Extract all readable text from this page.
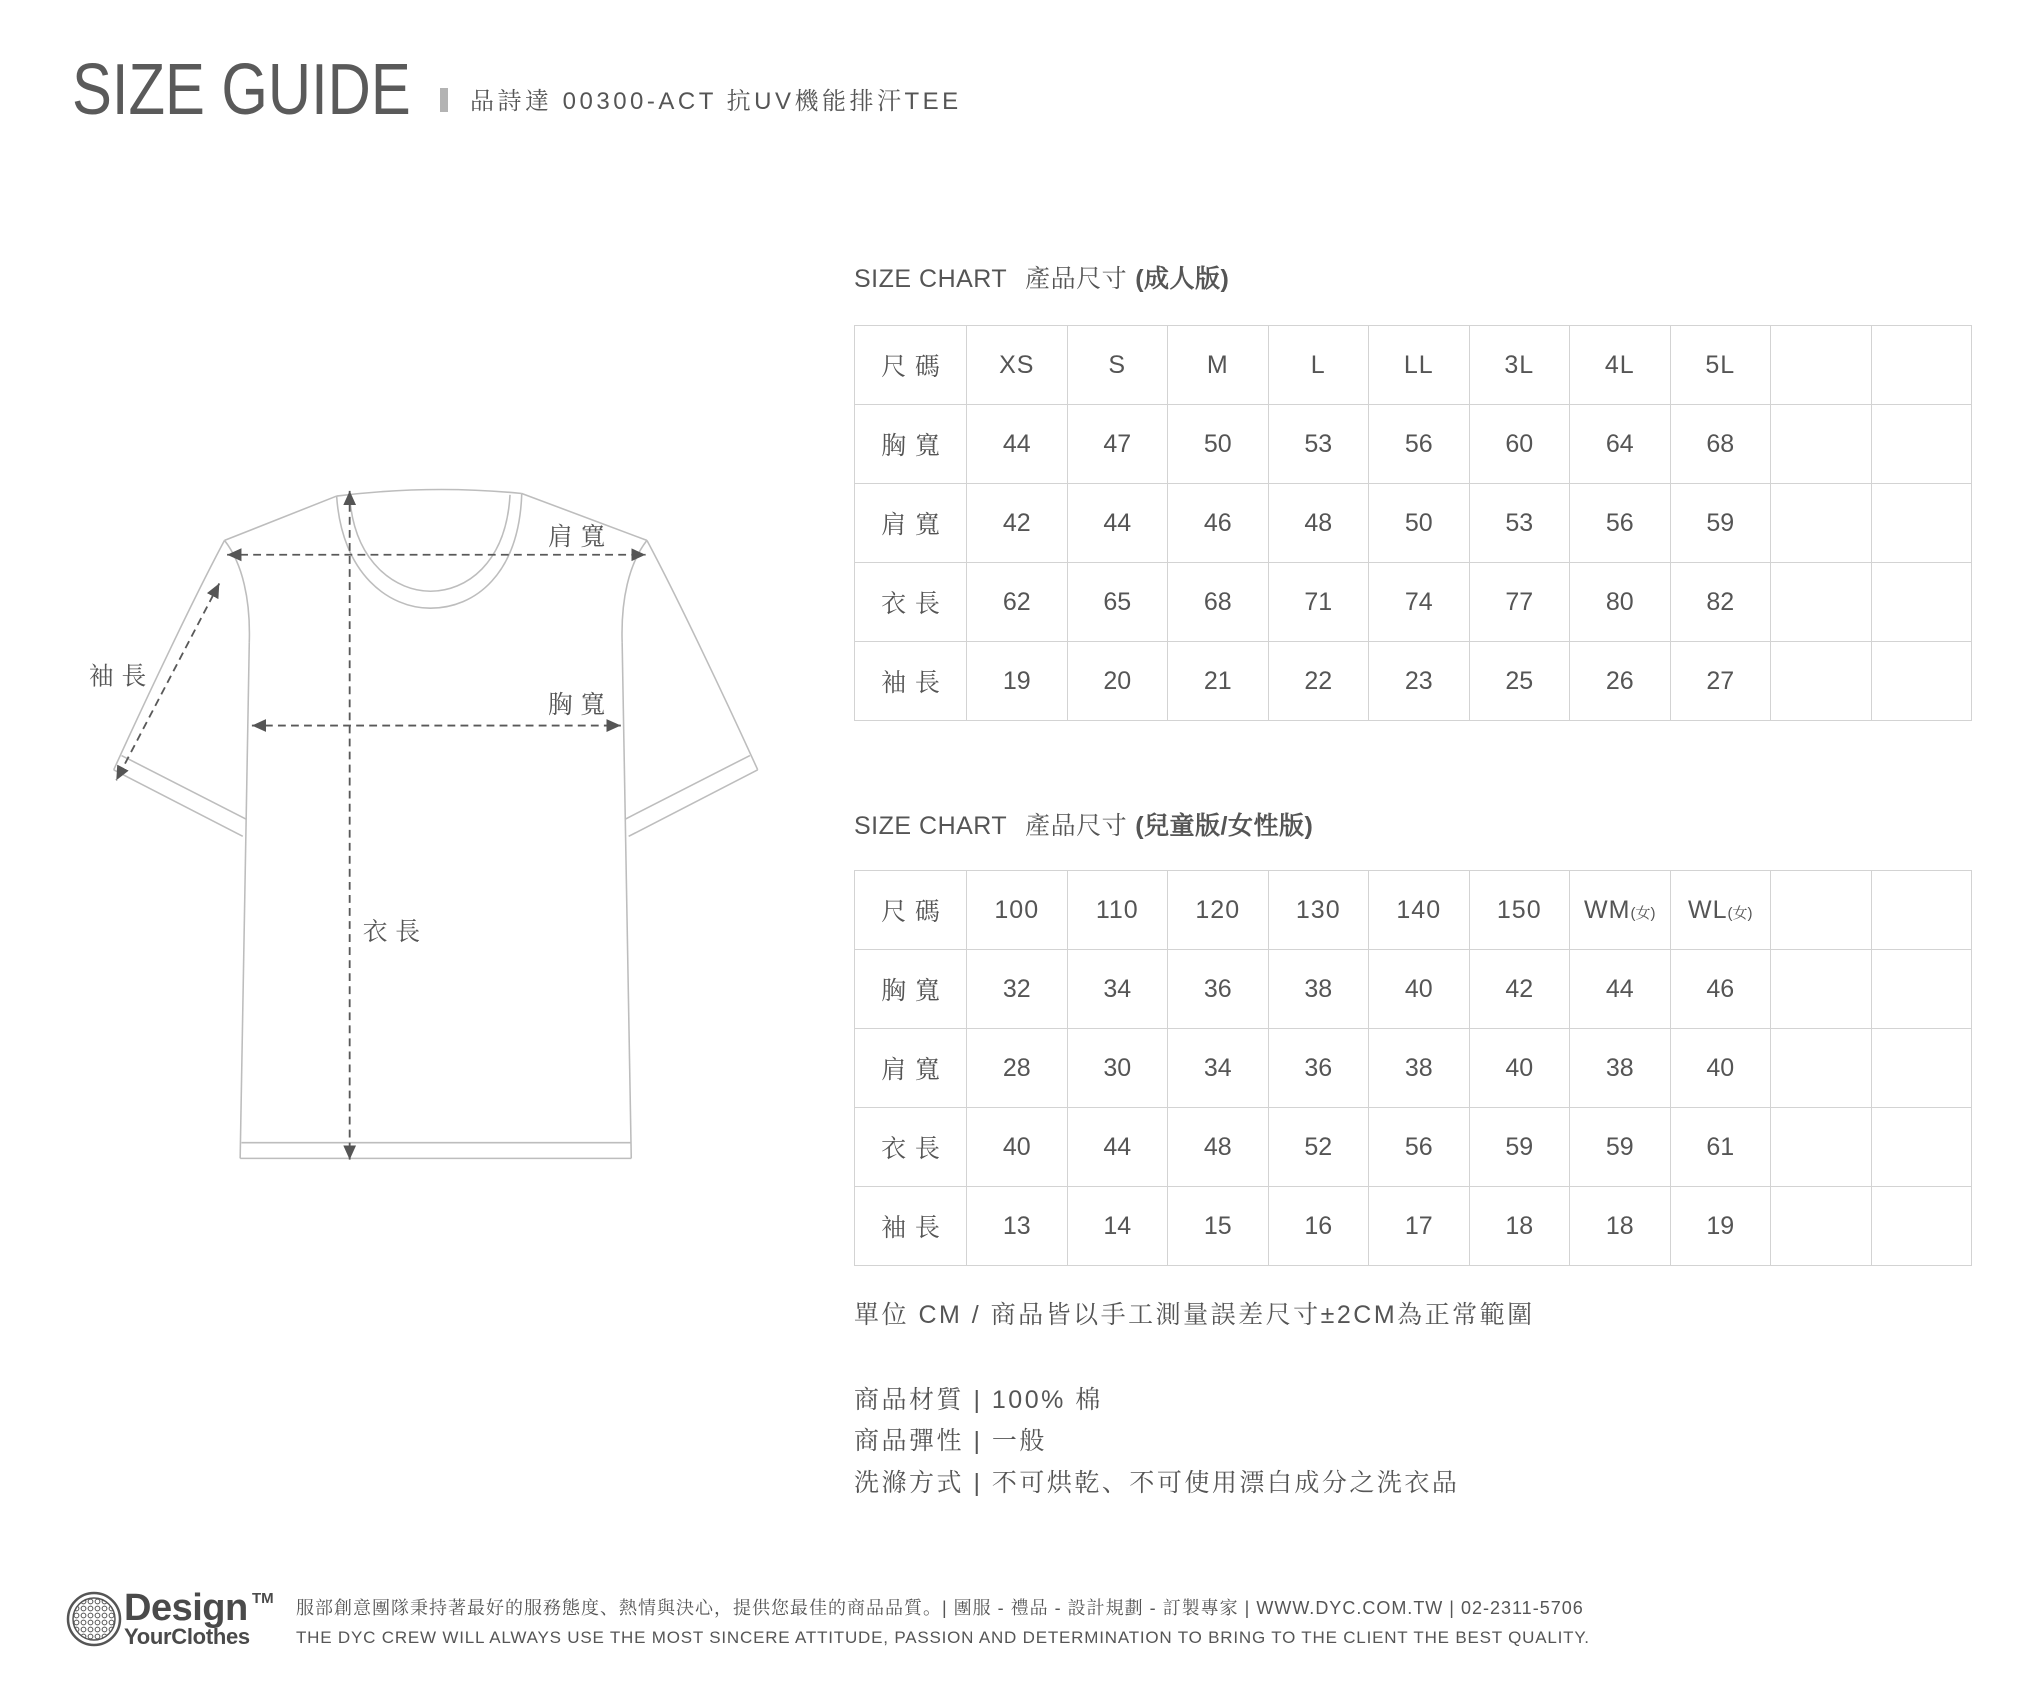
SIZE GUIDE 品詩達 00300-ACT 抗UV機能排汗TEE
肩寬
胸寬
袖長
衣長
SIZE CHART 產品尺寸 (成人版)
尺碼	XS	S	M	L	LL	3L	4L	5L		
胸寬	44	47	50	53	56	60	64	68		
肩寬	42	44	46	48	50	53	56	59		
衣長	62	65	68	71	74	77	80	82		
袖長	19	20	21	22	23	25	26	27		
SIZE CHART 產品尺寸 (兒童版/女性版)
尺碼	100	110	120	130	140	150	WM(女)	WL(女)		
胸寬	32	34	36	38	40	42	44	46		
肩寬	28	30	34	36	38	40	38	40		
衣長	40	44	48	52	56	59	59	61		
袖長	13	14	15	16	17	18	18	19		
單位 CM / 商品皆以手工測量誤差尺寸±2CM為正常範圍
商品材質 | 100% 棉
商品彈性 | 一般
洗滌方式 | 不可烘乾、不可使用漂白成分之洗衣品
Design TM
YourClothes
服部創意團隊秉持著最好的服務態度、熱情與決心，提供您最佳的商品品質。| 團服 - 禮品 - 設計規劃 - 訂製專家 | WWW.DYC.COM.TW | 02-2311-5706
THE DYC CREW WILL ALWAYS USE THE MOST SINCERE ATTITUDE, PASSION AND DETERMINATION TO BRING TO THE CLIENT THE BEST QUALITY.
